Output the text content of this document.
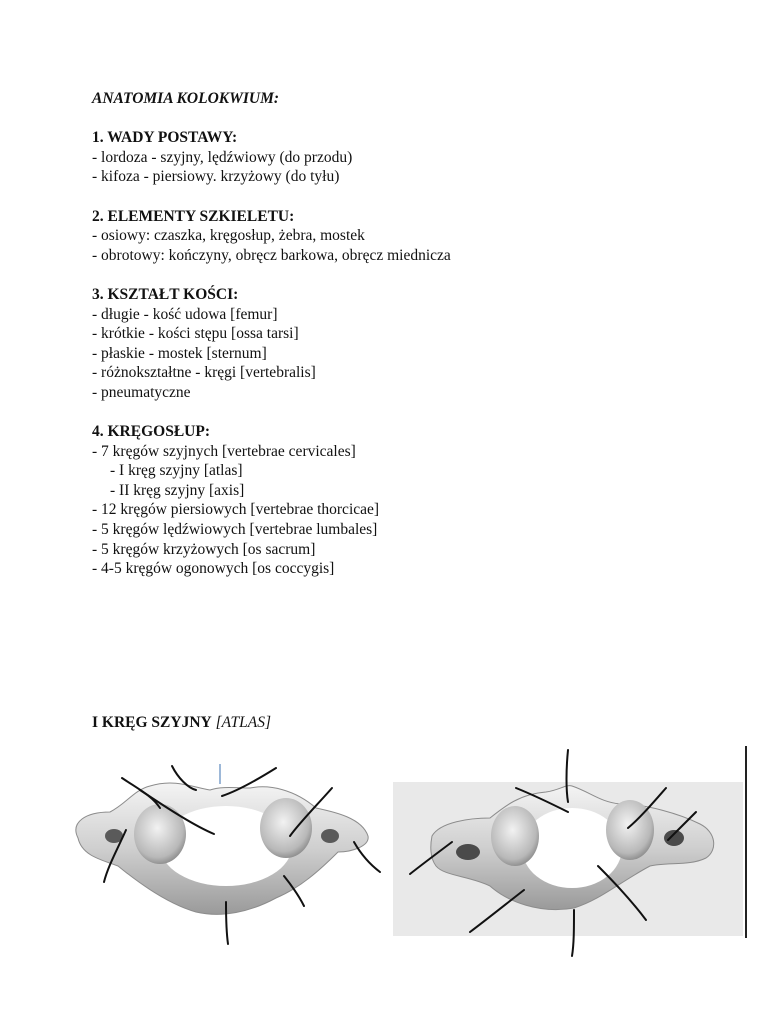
ANATOMIA KOLOKWIUM:

1. WADY POSTAWY:

- lordoza - szyjny, lędźwiowy (do przodu)

- kifoza - piersiowy. krzyżowy (do tyłu)

2. ELEMENTY SZKIELETU:

- osiowy: czaszka, kręgosłup, żebra, mostek

- obrotowy: kończyny, obręcz barkowa, obręcz miednicza

3. KSZTAŁT KOŚCI:

- długie - kość udowa [femur]

- krótkie - kości stępu [ossa tarsi]

- płaskie - mostek [sternum]

- różnokształtne - kręgi [vertebralis]

- pneumatyczne

4. KRĘGOSŁUP:

- 7 kręgów szyjnych [vertebrae cervicales]

- I kręg szyjny [atlas]

- II kręg szyjny [axis]

- 12 kręgów piersiowych [vertebrae thorcicae]

- 5 kręgów lędźwiowych [vertebrae lumbales]

- 5 kręgów krzyżowych [os sacrum]

- 4-5 kręgów ogonowych [os coccygis]

I KRĘG SZYJNY [ATLAS]
